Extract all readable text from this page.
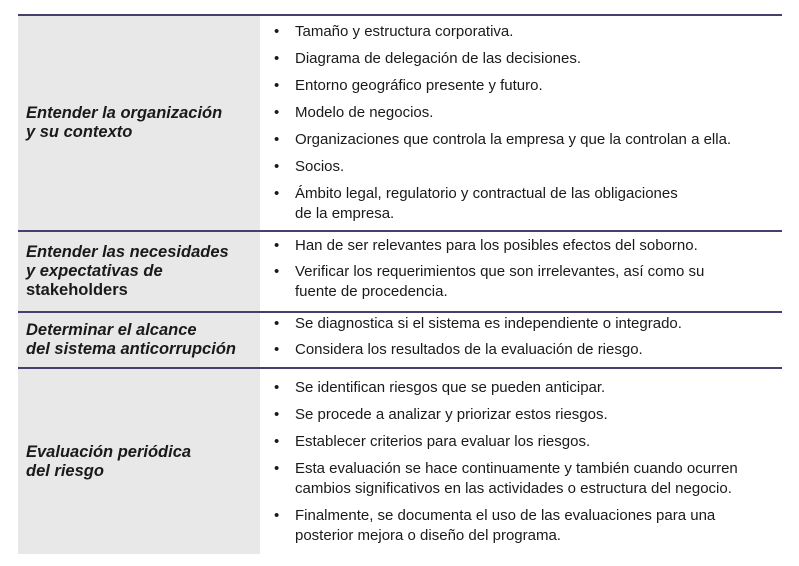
Entender la organización
y su contexto

• Tamaño y estructura corporativa.
• Diagrama de delegación de las decisiones.
• Entorno geográfico presente y futuro.
• Modelo de negocios.
• Organizaciones que controla la empresa y que la controlan a ella.
• Socios.
• Ámbito legal, regulatorio y contractual de las obligaciones
de la empresa.

Entender las necesidades
y expectativas de
stakeholders

• Han de ser relevantes para los posibles efectos del soborno.
• Verificar los requerimientos que son irrelevantes, así como su
fuente de procedencia.

Determinar el alcance
del sistema anticorrupción

• Se diagnostica si el sistema es independiente o integrado.
• Considera los resultados de la evaluación de riesgo.

Evaluación periódica
del riesgo

• Se identifican riesgos que se pueden anticipar.
• Se procede a analizar y priorizar estos riesgos.
• Establecer criterios para evaluar los riesgos.
• Esta evaluación se hace continuamente y también cuando ocurren
cambios significativos en las actividades o estructura del negocio.
• Finalmente, se documenta el uso de las evaluaciones para una
posterior mejora o diseño del programa.
